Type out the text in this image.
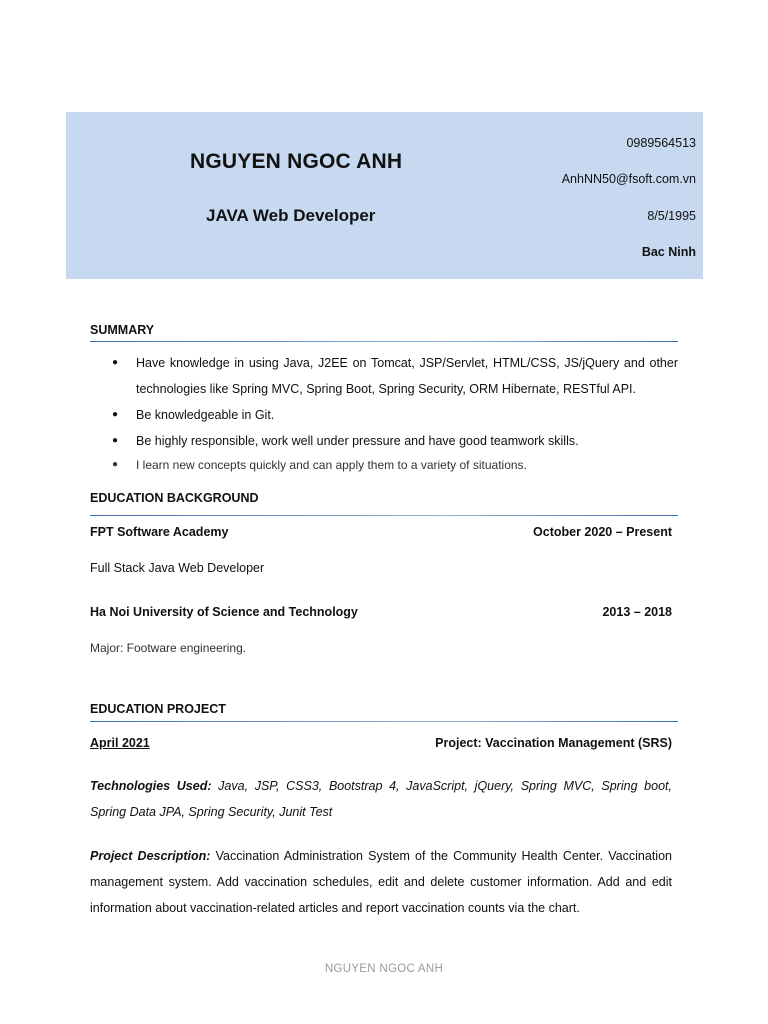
NGUYEN NGOC ANH
JAVA Web Developer

0989564513

AnhNN50@fsoft.com.vn

8/5/1995

Bac Ninh

SUMMARY
● Have knowledge in using Java, J2EE on Tomcat, JSP/Servlet, HTML/CSS, JS/jQuery and other technologies like Spring MVC, Spring Boot, Spring Security, ORM Hibernate, RESTful API.
● Be knowledgeable in Git.
● Be highly responsible, work well under pressure and have good teamwork skills.
● I learn new concepts quickly and can apply them to a variety of situations.
EDUCATION BACKGROUND
FPT Software Academy	October 2020 – Present

Full Stack Java Web Developer

Ha Noi University of Science and Technology	2013 – 2018

Major: Footware engineering.

EDUCATION PROJECT
April 2021	Project: Vaccination Management (SRS)

Technologies Used: Java, JSP, CSS3, Bootstrap 4, JavaScript, jQuery, Spring MVC, Spring boot, Spring Data JPA, Spring Security, Junit Test

Project Description: Vaccination Administration System of the Community Health Center. Vaccination management system. Add vaccination schedules, edit and delete customer information. Add and edit information about vaccination-related articles and report vaccination counts via the chart.

NGUYEN NGOC ANH
